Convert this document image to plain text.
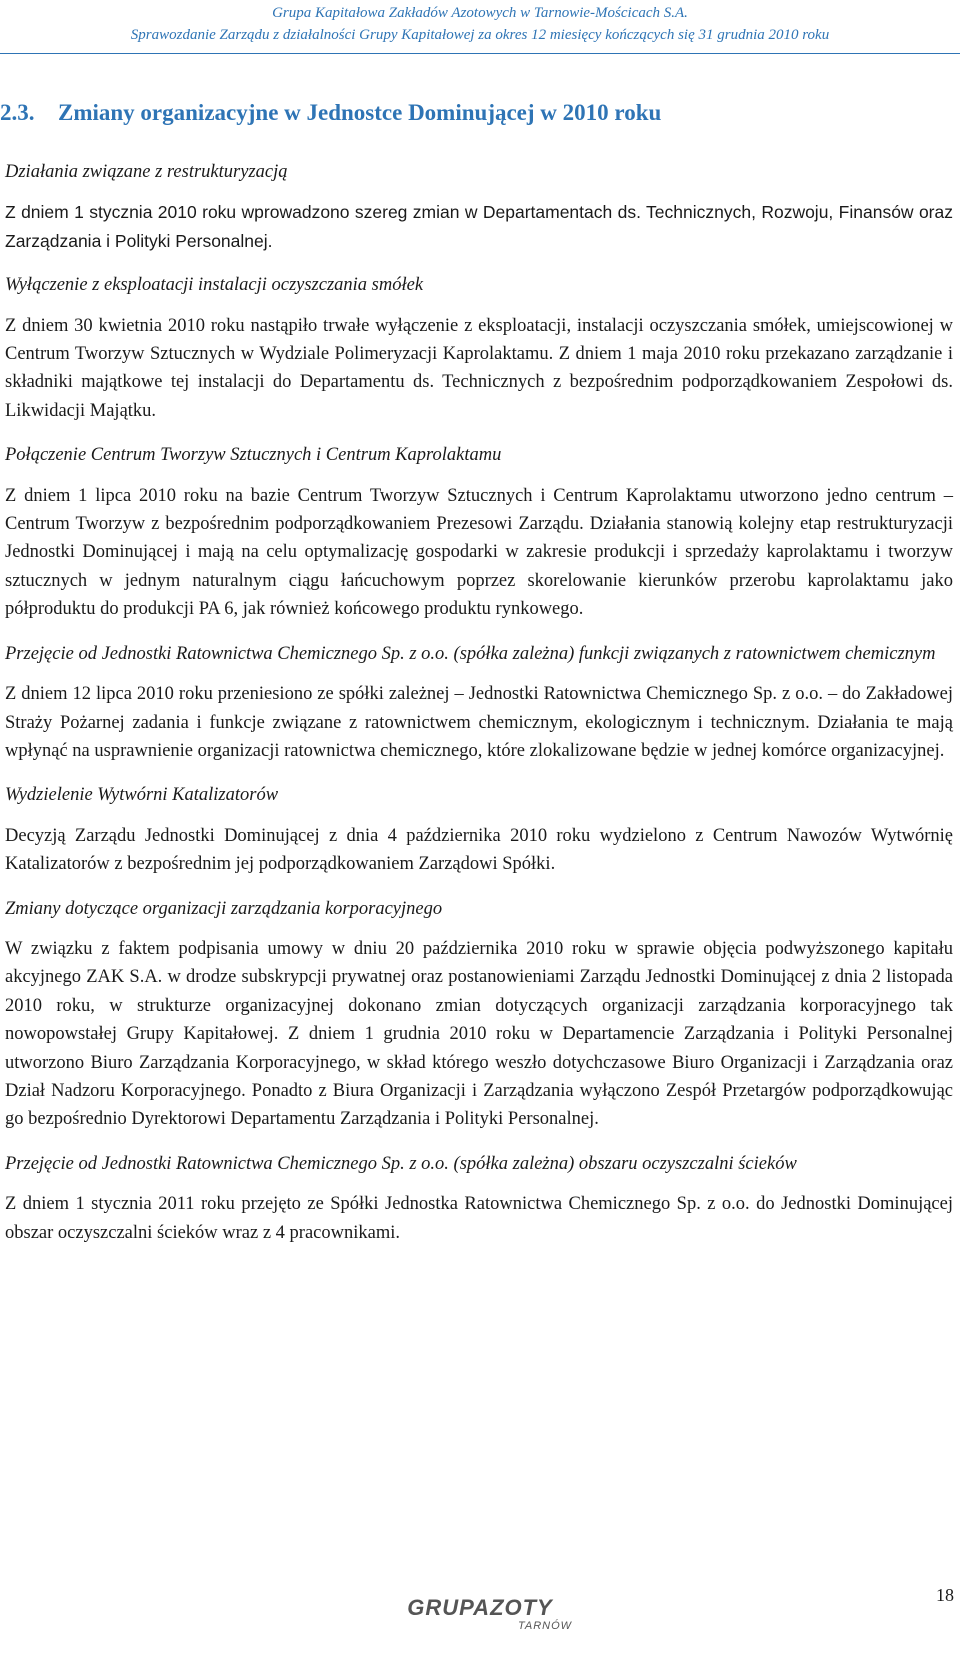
Grupa Kapitałowa Zakładów Azotowych w Tarnowie-Mościcach S.A.
Sprawozdanie Zarządu z działalności Grupy Kapitałowej za okres 12 miesięcy kończących się 31 grudnia 2010 roku
2.3. Zmiany organizacyjne w Jednostce Dominującej w 2010 roku
Działania związane z restrukturyzacją

Z dniem 1 stycznia 2010 roku wprowadzono szereg zmian w Departamentach ds. Technicznych, Rozwoju, Finansów oraz Zarządzania i Polityki Personalnej.

Wyłączenie z eksploatacji instalacji oczyszczania smółek

Z dniem 30 kwietnia 2010 roku nastąpiło trwałe wyłączenie z eksploatacji, instalacji oczyszczania smółek, umiejscowionej w Centrum Tworzyw Sztucznych w Wydziale Polimeryzacji Kaprolaktamu. Z dniem 1 maja 2010 roku przekazano zarządzanie i składniki majątkowe tej instalacji do Departamentu ds. Technicznych z bezpośrednim podporządkowaniem Zespołowi ds. Likwidacji Majątku.

Połączenie Centrum Tworzyw Sztucznych i Centrum Kaprolaktamu

Z dniem 1 lipca 2010 roku na bazie Centrum Tworzyw Sztucznych i Centrum Kaprolaktamu utworzono jedno centrum – Centrum Tworzyw z bezpośrednim podporządkowaniem Prezesowi Zarządu. Działania stanowią kolejny etap restrukturyzacji Jednostki Dominującej i mają na celu optymalizację gospodarki w zakresie produkcji i sprzedaży kaprolaktamu i tworzyw sztucznych w jednym naturalnym ciągu łańcuchowym poprzez skorelowanie kierunków przerobu kaprolaktamu jako półproduktu do produkcji PA 6, jak również końcowego produktu rynkowego.

Przejęcie od Jednostki Ratownictwa Chemicznego Sp. z o.o. (spółka zależna) funkcji związanych z ratownictwem chemicznym

Z dniem 12 lipca 2010 roku przeniesiono ze spółki zależnej – Jednostki Ratownictwa Chemicznego Sp. z o.o. – do Zakładowej Straży Pożarnej zadania i funkcje związane z ratownictwem chemicznym, ekologicznym i technicznym. Działania te mają wpłynąć na usprawnienie organizacji ratownictwa chemicznego, które zlokalizowane będzie w jednej komórce organizacyjnej.

Wydzielenie Wytwórni Katalizatorów

Decyzją Zarządu Jednostki Dominującej z dnia 4 października 2010 roku wydzielono z Centrum Nawozów Wytwórnię Katalizatorów z bezpośrednim jej podporządkowaniem Zarządowi Spółki.

Zmiany dotyczące organizacji zarządzania korporacyjnego

W związku z faktem podpisania umowy w dniu 20 października 2010 roku w sprawie objęcia podwyższonego kapitału akcyjnego ZAK S.A. w drodze subskrypcji prywatnej oraz postanowieniami Zarządu Jednostki Dominującej z dnia 2 listopada 2010 roku, w strukturze organizacyjnej dokonano zmian dotyczących organizacji zarządzania korporacyjnego tak nowopowstałej Grupy Kapitałowej. Z dniem 1 grudnia 2010 roku w Departamencie Zarządzania i Polityki Personalnej utworzono Biuro Zarządzania Korporacyjnego, w skład którego weszło dotychczasowe Biuro Organizacji i Zarządzania oraz Dział Nadzoru Korporacyjnego. Ponadto z Biura Organizacji i Zarządzania wyłączono Zespół Przetargów podporządkowując go bezpośrednio Dyrektorowi Departamentu Zarządzania i Polityki Personalnej.

Przejęcie od Jednostki Ratownictwa Chemicznego Sp. z o.o. (spółka zależna) obszaru oczyszczalni ścieków

Z dniem 1 stycznia 2011 roku przejęto ze Spółki Jednostka Ratownictwa Chemicznego Sp. z o.o. do Jednostki Dominującej obszar oczyszczalni ścieków wraz z 4 pracownikami.

GRUPAZOTY
TARNÓW
18
